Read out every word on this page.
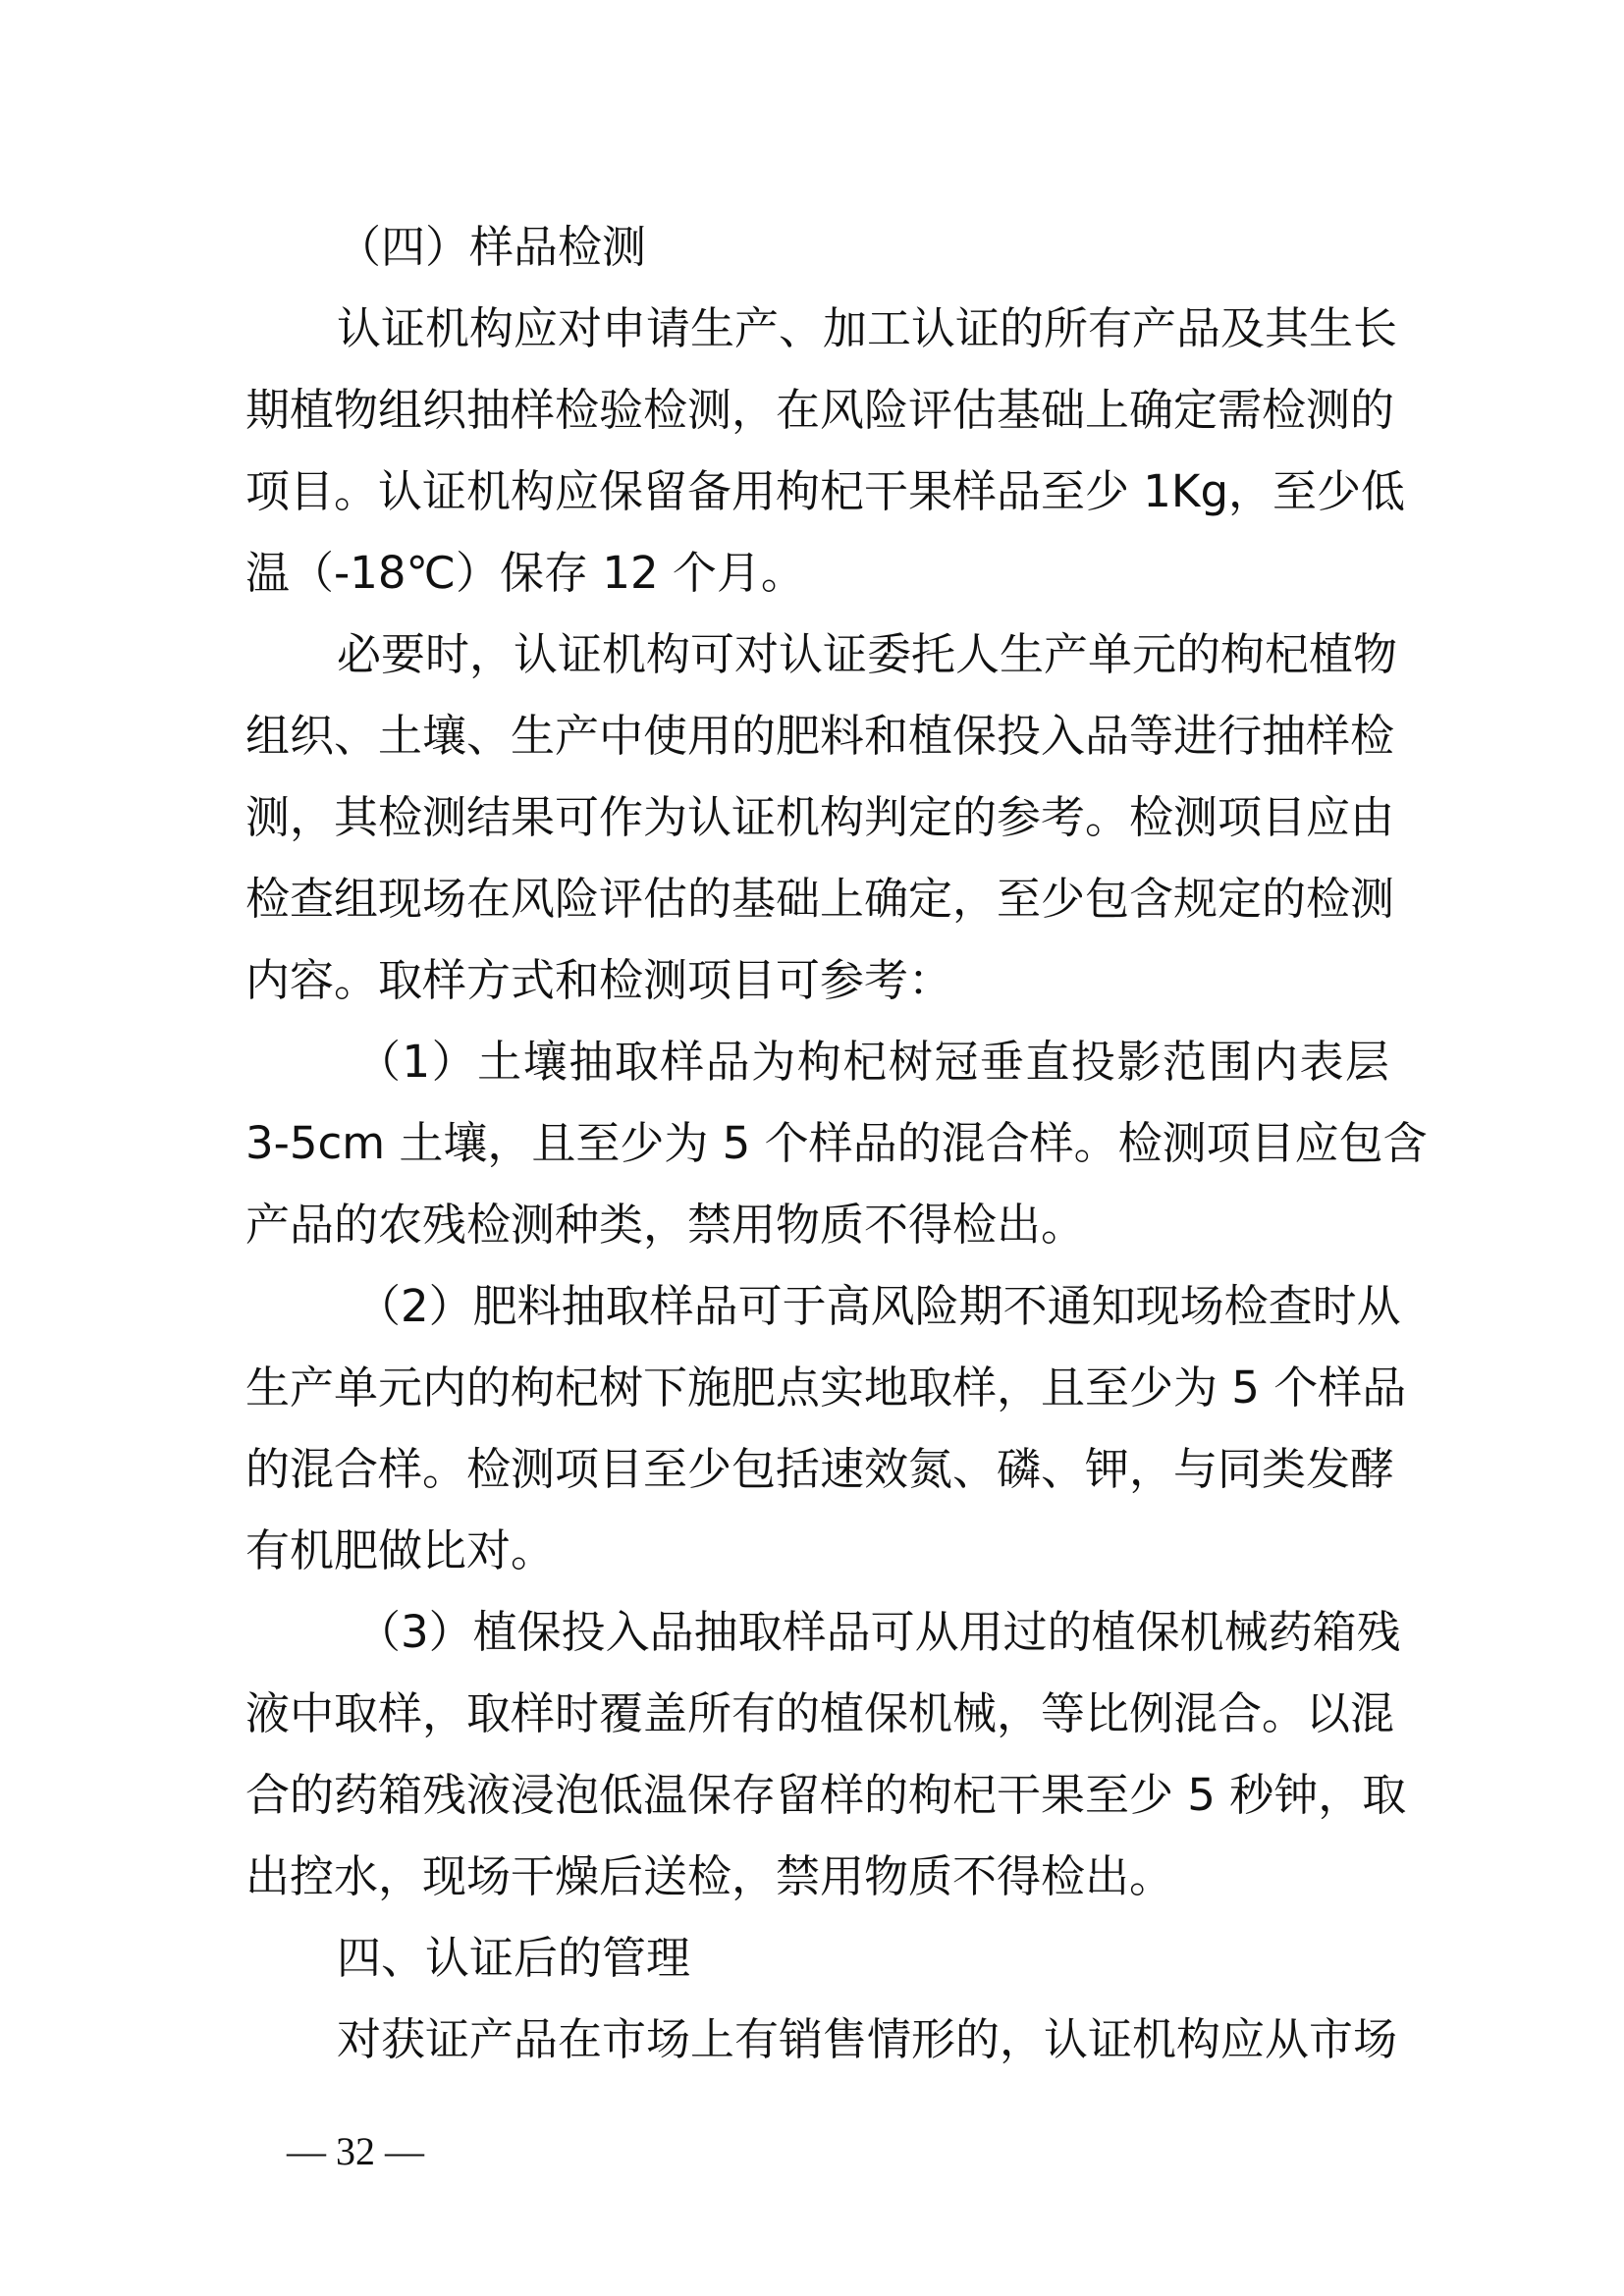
（四）样品检测
认证机构应对申请生产、加工认证的所有产品及其生长
期植物组织抽样检验检测，在风险评估基础上确定需检测的
项目。认证机构应保留备用枸杞干果样品至少 1Kg，至少低
温（-18℃）保存 12 个月。
必要时，认证机构可对认证委托人生产单元的枸杞植物
组织、土壤、生产中使用的肥料和植保投入品等进行抽样检
测，其检测结果可作为认证机构判定的参考。检测项目应由
检查组现场在风险评估的基础上确定，至少包含规定的检测
内容。取样方式和检测项目可参考：
（1）土壤抽取样品为枸杞树冠垂直投影范围内表层
3-5cm 土壤，且至少为 5 个样品的混合样。检测项目应包含
产品的农残检测种类，禁用物质不得检出。
（2）肥料抽取样品可于高风险期不通知现场检查时从
生产单元内的枸杞树下施肥点实地取样，且至少为 5 个样品
的混合样。检测项目至少包括速效氮、磷、钾，与同类发酵
有机肥做比对。
（3）植保投入品抽取样品可从用过的植保机械药箱残
液中取样，取样时覆盖所有的植保机械，等比例混合。以混
合的药箱残液浸泡低温保存留样的枸杞干果至少 5 秒钟，取
出控水，现场干燥后送检，禁用物质不得检出。
四、认证后的管理
对获证产品在市场上有销售情形的，认证机构应从市场
— 32 —
